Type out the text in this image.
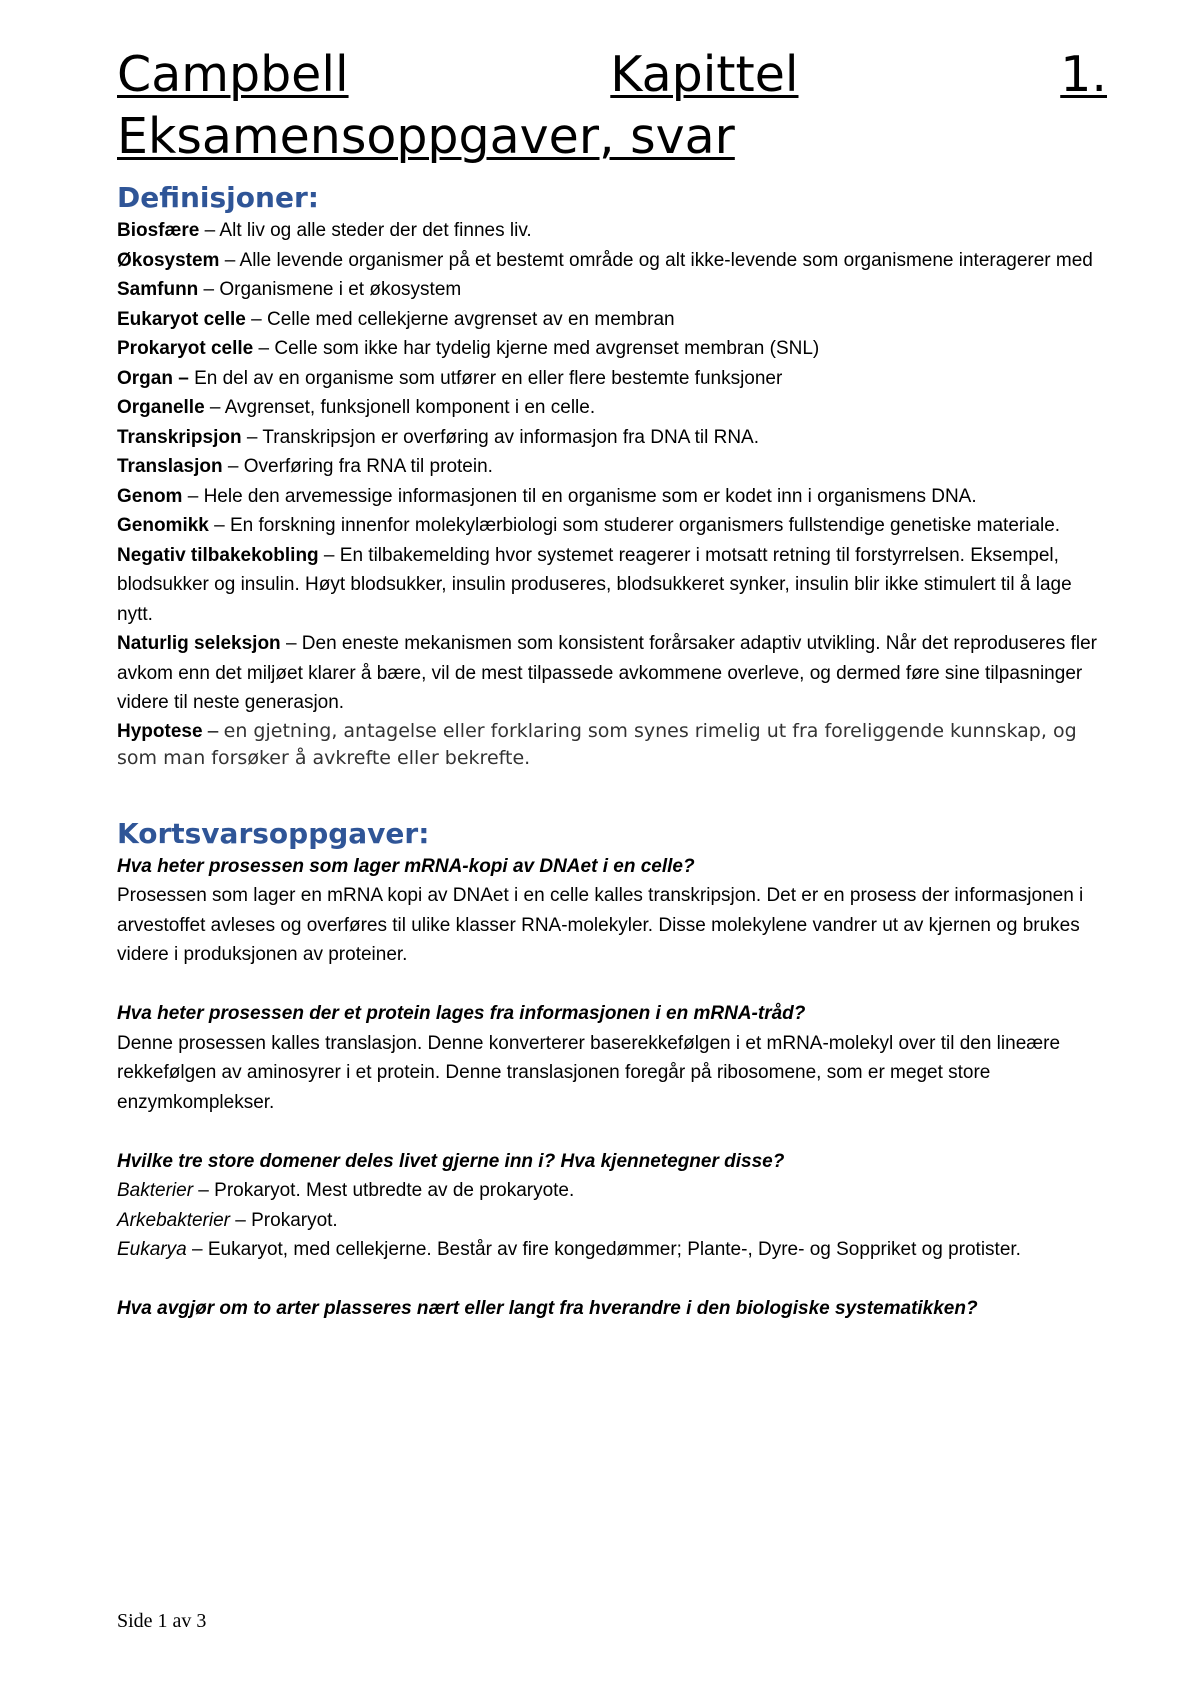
Campbell	Kapittel	1.
Eksamensoppgaver, svar
Definisjoner:

Biosfære – Alt liv og alle steder der det finnes liv.

Økosystem – Alle levende organismer på et bestemt område og alt ikke-levende som organismene interagerer med

Samfunn – Organismene i et økosystem

Eukaryot celle – Celle med cellekjerne avgrenset av en membran

Prokaryot celle – Celle som ikke har tydelig kjerne med avgrenset membran (SNL)

Organ – En del av en organisme som utfører en eller flere bestemte funksjoner

Organelle – Avgrenset, funksjonell komponent i en celle.

Transkripsjon – Transkripsjon er overføring av informasjon fra DNA til RNA.

Translasjon – Overføring fra RNA til protein.

Genom – Hele den arvemessige informasjonen til en organisme som er kodet inn i organismens DNA.

Genomikk – En forskning innenfor molekylærbiologi som studerer organismers fullstendige genetiske materiale.

Negativ tilbakekobling – En tilbakemelding hvor systemet reagerer i motsatt retning til forstyrrelsen. Eksempel, blodsukker og insulin. Høyt blodsukker, insulin produseres, blodsukkeret synker, insulin blir ikke stimulert til å lage nytt.

Naturlig seleksjon – Den eneste mekanismen som konsistent forårsaker adaptiv utvikling. Når det reproduseres fler avkom enn det miljøet klarer å bære, vil de mest tilpassede avkommene overleve, og dermed føre sine tilpasninger videre til neste generasjon.

Hypotese – en gjetning, antagelse eller forklaring som synes rimelig ut fra foreliggende kunnskap, og som man forsøker å avkrefte eller bekrefte.

Kortsvarsoppgaver:

Hva heter prosessen som lager mRNA-kopi av DNAet i en celle?

Prosessen som lager en mRNA kopi av DNAet i en celle kalles transkripsjon. Det er en prosess der informasjonen i arvestoffet avleses og overføres til ulike klasser RNA-molekyler. Disse molekylene vandrer ut av kjernen og brukes videre i produksjonen av proteiner.

Hva heter prosessen der et protein lages fra informasjonen i en mRNA-tråd?

Denne prosessen kalles translasjon. Denne konverterer baserekkefølgen i et mRNA-molekyl over til den lineære rekkefølgen av aminosyrer i et protein. Denne translasjonen foregår på ribosomene, som er meget store enzymkomplekser.

Hvilke tre store domener deles livet gjerne inn i? Hva kjennetegner disse?

Bakterier – Prokaryot. Mest utbredte av de prokaryote.

Arkebakterier – Prokaryot.

Eukarya – Eukaryot, med cellekjerne. Består av fire kongedømmer; Plante-, Dyre- og Soppriket og protister.

Hva avgjør om to arter plasseres nært eller langt fra hverandre i den biologiske systematikken?

Side 1 av 3
